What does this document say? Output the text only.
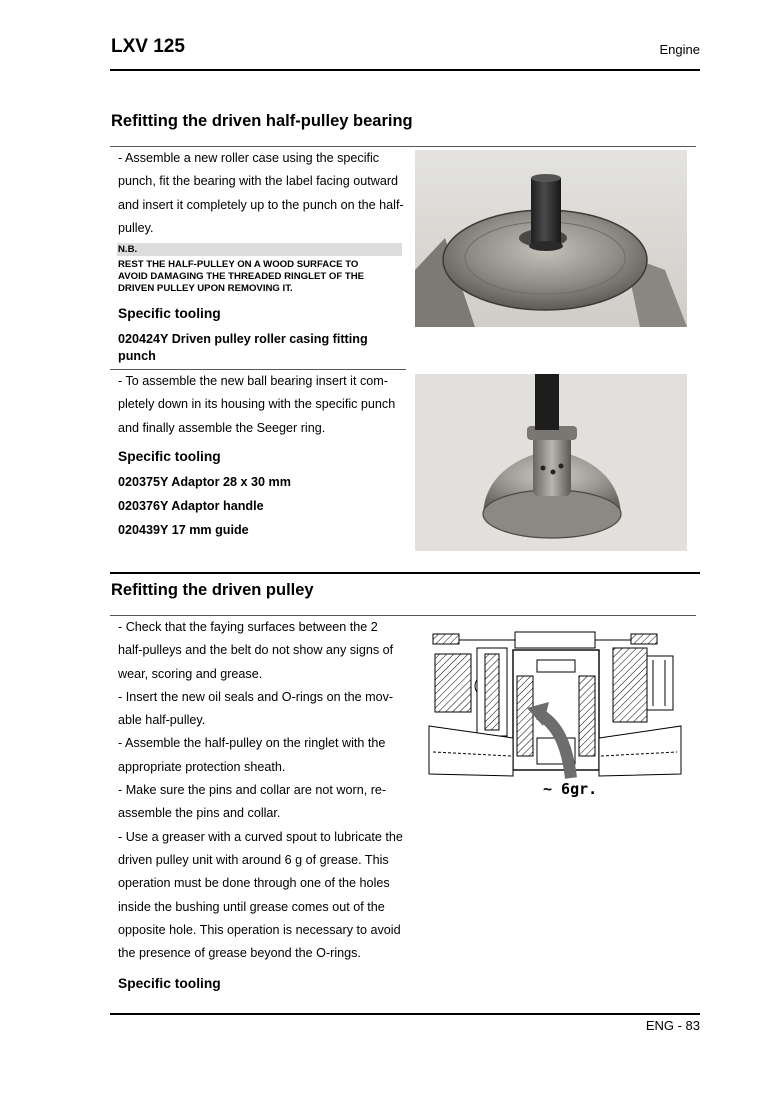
LXV 125	Engine
Refitting the driven half-pulley bearing

- Assemble a new roller case using the specific

punch, fit the bearing with the label facing outward

and insert it completely up to the punch on the half-

pulley.

N.B.
REST THE HALF-PULLEY ON A WOOD SURFACE TO
AVOID DAMAGING THE THREADED RINGLET OF THE
DRIVEN PULLEY UPON REMOVING IT.
Specific tooling
020424Y Driven pulley roller casing fitting punch

- To assemble the new ball bearing insert it com-

pletely down in its housing with the specific punch

and finally assemble the Seeger ring.

Specific tooling
020375Y Adaptor 28 x 30 mm
020376Y Adaptor handle
020439Y 17 mm guide
Refitting the driven pulley

- Check that the faying surfaces between the 2

half-pulleys and the belt do not show any signs of

wear, scoring and grease.

- Insert the new oil seals and O-rings on the mov-

able half-pulley.

- Assemble the half-pulley on the ringlet with the

appropriate protection sheath.

- Make sure the pins and collar are not worn, re-

assemble the pins and collar.

- Use a greaser with a curved spout to lubricate the

driven pulley unit with around 6 g of grease. This

operation must be done through one of the holes

inside the bushing until grease comes out of the

opposite hole. This operation is necessary to avoid

the presence of grease beyond the O-rings.

Specific tooling
~ 6gr.
ENG - 83
